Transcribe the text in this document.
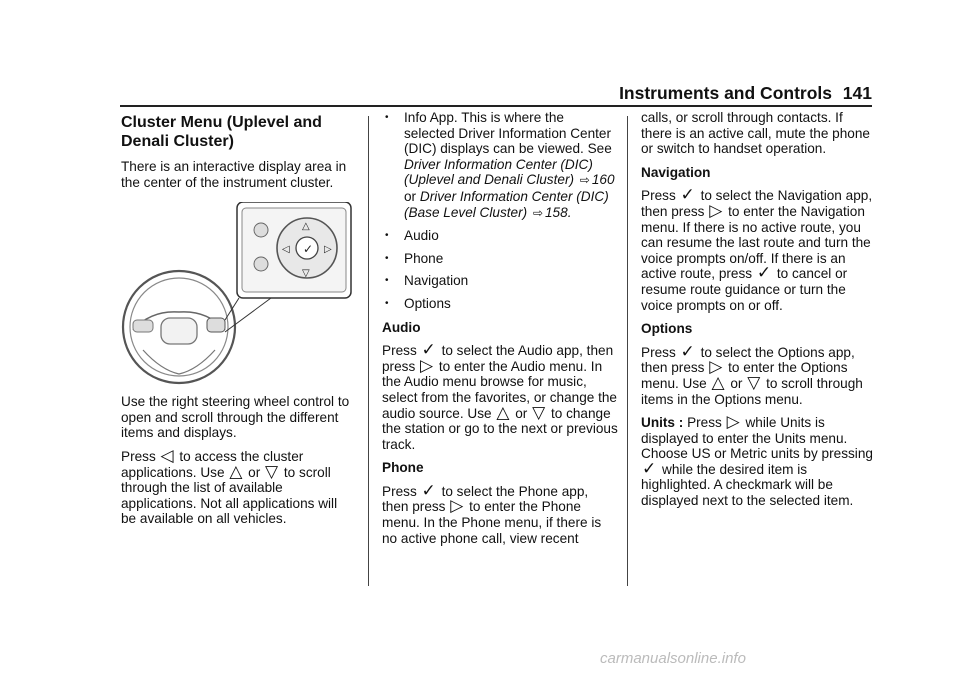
Instruments and Controls 141
Cluster Menu (Uplevel and Denali Cluster)

There is an interactive display area in the center of the instrument cluster.

✓
△
▽
◁	▷

Use the right steering wheel control to open and scroll through the different items and displays.

Press ◁ to access the cluster applications. Use △ or ▽ to scroll through the list of available applications. Not all applications will be available on all vehicles.

• Info App. This is where the selected Driver Information Center (DIC) displays can be viewed. See Driver Information Center (DIC) (Uplevel and Denali Cluster) ⇨ 160 or Driver Information Center (DIC) (Base Level Cluster) ⇨ 158.
• Audio
• Phone
• Navigation
• Options

Audio

Press ✓ to select the Audio app, then press ▷ to enter the Audio menu. In the Audio menu browse for music, select from the favorites, or change the audio source. Use △ or ▽ to change the station or go to the next or previous track.

Phone

Press ✓ to select the Phone app, then press ▷ to enter the Phone menu. In the Phone menu, if there is no active phone call, view recent

calls, or scroll through contacts. If there is an active call, mute the phone or switch to handset operation.

Navigation

Press ✓ to select the Navigation app, then press ▷ to enter the Navigation menu. If there is no active route, you can resume the last route and turn the voice prompts on/off. If there is an active route, press ✓ to cancel or resume route guidance or turn the voice prompts on or off.

Options

Press ✓ to select the Options app, then press ▷ to enter the Options menu. Use △ or ▽ to scroll through items in the Options menu.

Units : Press ▷ while Units is displayed to enter the Units menu. Choose US or Metric units by pressing ✓ while the desired item is highlighted. A checkmark will be displayed next to the selected item.

carmanualsonline.info
